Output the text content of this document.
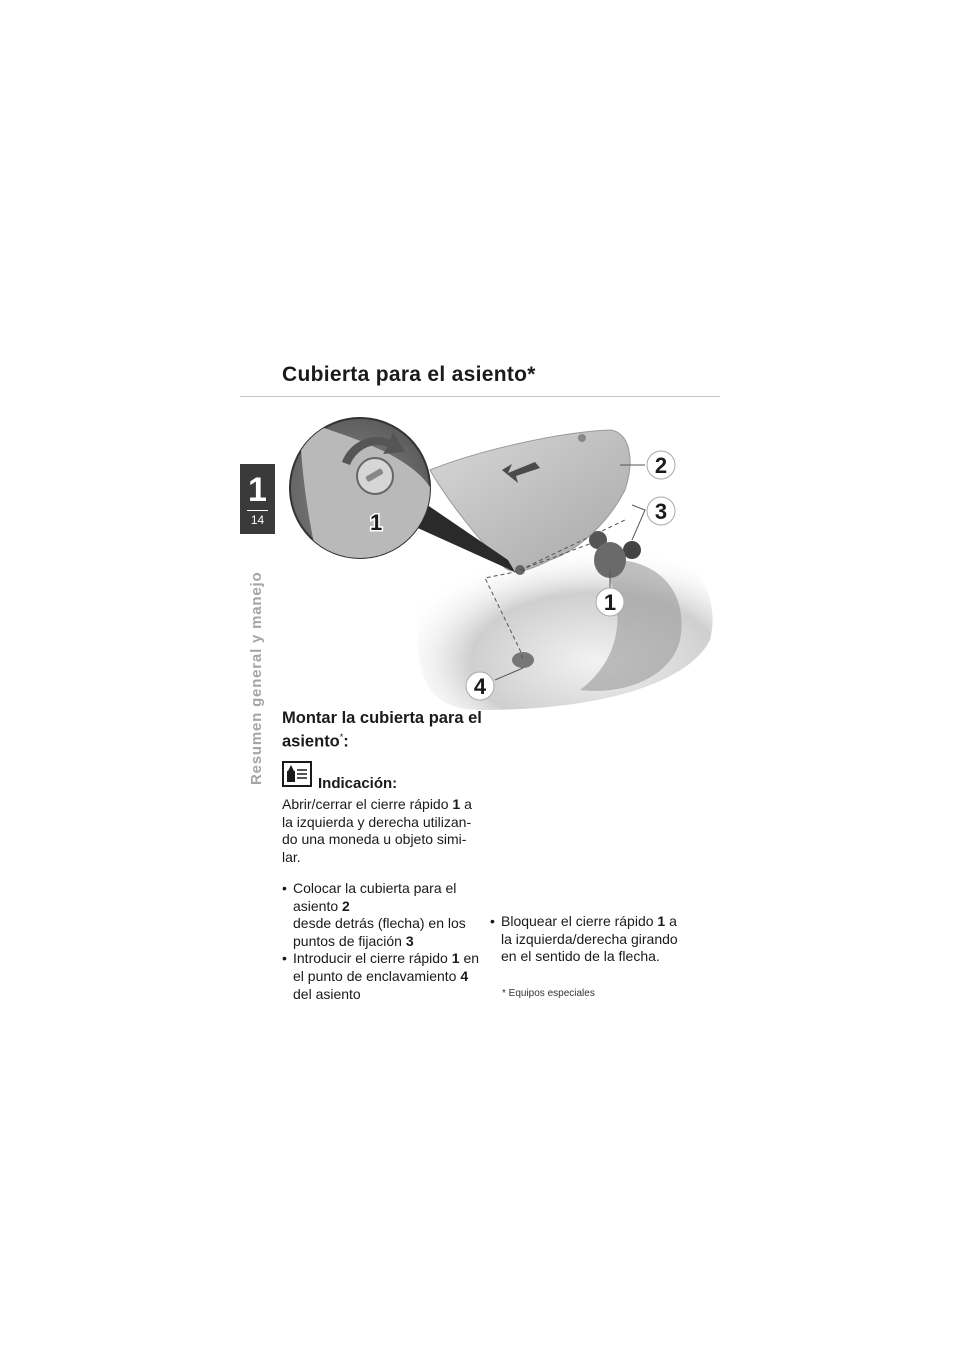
1
14
Resumen general y manejo
Cubierta para el asiento*
1
2
3
1
4
Montar la cubierta para el asiento*:
Indicación:
Abrir/cerrar el cierre rápido 1 a
la izquierda y derecha utilizan-
do una moneda u objeto simi-
lar.
• Colocar la cubierta para el
asiento 2
desde detrás (flecha) en los
puntos de fijación 3
• Introducir el cierre rápido 1 en
el punto de enclavamiento 4
del asiento
• Bloquear el cierre rápido 1 a
la izquierda/derecha girando
en el sentido de la flecha.
* Equipos especiales
